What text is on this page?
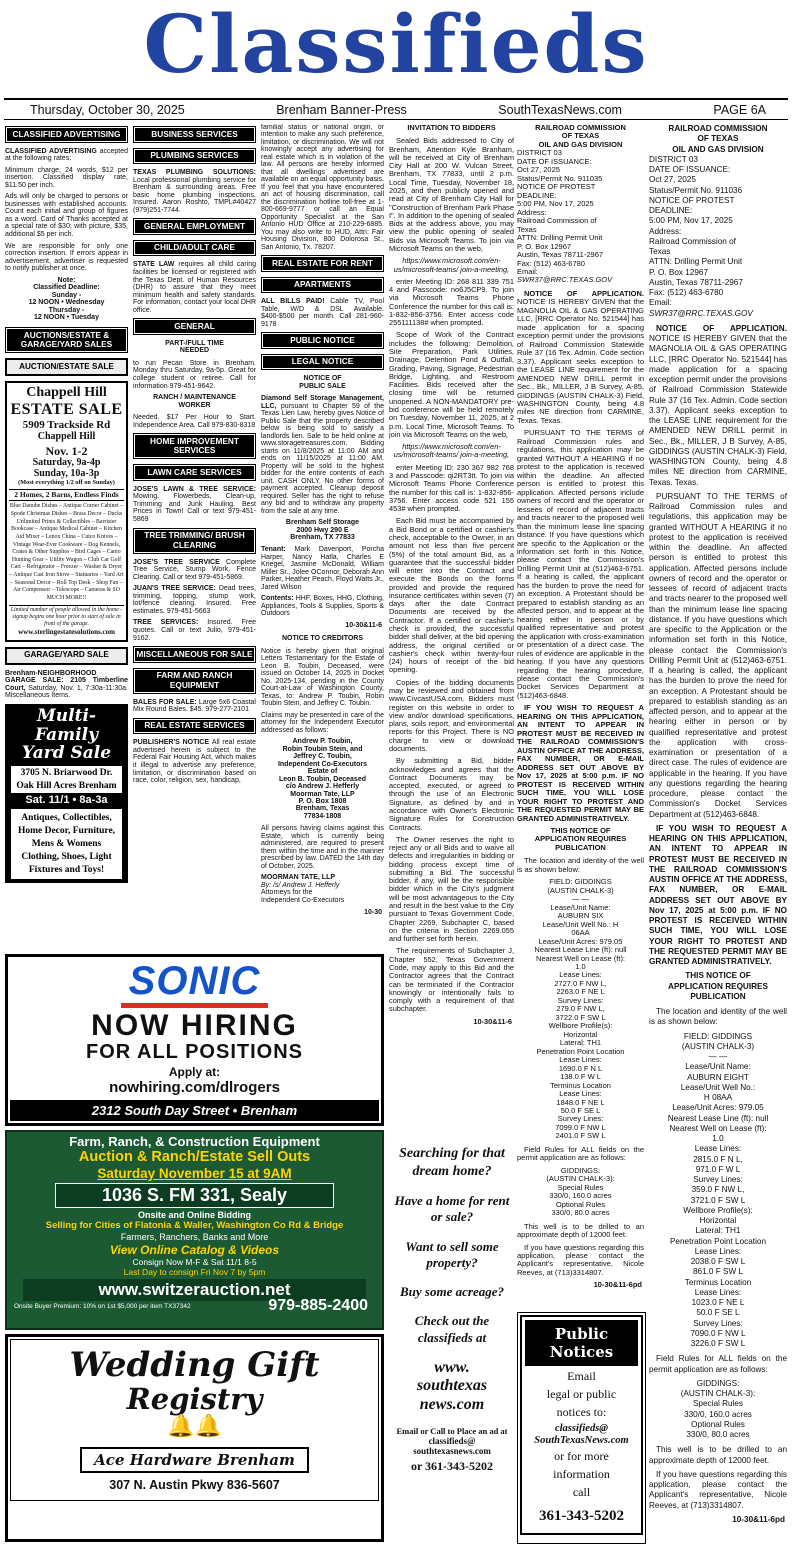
Classifieds
Thursday, October 30, 2025	Brenham Banner-Press	SouthTexasNews.com	PAGE 6A
CLASSIFIED ADVERTISING
CLASSIFIED ADVERTISING accepted at the following rates:
Minimum charge, 24 words, $12 per insertion. Classified display rate, $11.50 per inch.
Ads will only be charged to persons or businesses with established accounts. Count each initial and group of figures as a word. Card of Thanks accepted at a special rate of $30; with picture, $35, additional $5 per inch.
We are responsible for only one correction insertion. If errors appear in advertisement, advertiser is requested to notify publisher at once.
Note:
Classified Deadline:
Sunday -
12 NOON • Wednesday
Thursday -
12 NOON • Tuesday
AUCTIONS/ESTATE & GARAGE/YARD SALES
AUCTION/ESTATE SALE
Chappell Hill
ESTATE SALE
5909 Trackside Rd
Chappell Hill
Nov. 1-2
Saturday, 9a-4p
Sunday, 10a-3p
(Most everything 1/2 off on Sunday)
2 Homes, 2 Barns, Endless Finds
Blue Danube Dishes – Antique Corner Cabinet – Spode Christmas Dishes – Brass Decor – Ducks Unlimited Prints & Collectibles – Barrister Bookcase – Antique Medical Cabinet – Kitchen Aid Mixer – Lenox China – Cutco Knives – Vintage Wear-Ever Cookware – Dog Kennels, Crates & Other Supplies – Bird Cages – Camo Hunting Gear – Utility Wagon – Club Car Golf Cart – Refrigerator – Freezer – Washer & Dryer – Antique Cast Iron Stove – Statuaries – Yard Art – Seasonal Decor – Roll Top Desk – Shop Fan – Air Compressor – Telescope – Cameras & SO MUCH MORE!!
Limited number of people allowed in the home - signup begins one hour prior to start of sale in front of the garage.
www.sterlingestatesolutions.com
GARAGE/YARD SALE
Brenham-NEIGHBORHOOD GARAGE SALE: 2105 Timberline Court, Saturday, Nov. 1, 7:30a-11:30a. Miscellaneous Items.
Multi-Family
Yard Sale
3705 N. Briarwood Dr.
Oak Hill Acres Brenham
Sat. 11/1 • 8a-3a
Antiques, Collectibles, Home Decor, Furniture, Mens & Womens Clothing, Shoes, Light Fixtures and Toys!
BUSINESS SERVICES
PLUMBING SERVICES
TEXAS PLUMBING SOLUTIONS: Local professional plumbing service for Brenham & surrounding areas. Free basic home plumbing inspections. Insured. Aaron Roshto, TMPL#40427 (979)251-7744.
GENERAL EMPLOYMENT
CHILD/ADULT CARE
STATE LAW requires all child caring facilities be licensed or registered with the Texas Dept. of Human Resources (DHR) to assure that they meet minimum health and safety standards. For information, contact your local DHR office.
GENERAL
PART-/FULL TIME
NEEDED
to run Pecan Store in Brenham. Monday thru Saturday, 9a-5p. Great for college student or retiree. Call for information 979-451-9642.
RANCH / MAINTENANCE
WORKER
Needed. $17 Per Hour to Start. Independence Area. Call 979-830-8318
HOME IMPROVEMENT SERVICES
LAWN CARE SERVICES
JOSE'S LAWN & TREE SERVICE: Mowing, Flowerbeds, Clean-up, Trimming and Junk Hauling. Best Prices in Town! Call or text 979-451-5869
TREE TRIMMING/ BRUSH CLEARING
JOSE'S TREE SERVICE Complete Tree Service, Stump Work, Fence Clearing. Call or text 979-451-5869.
JUAN'S TREE SERVICE: Dead trees, trimming, topping, stump work, lot/fence clearing. Insured. Free estimates. 979-451-5663
TREE SERVICES: Insured. Free quotes. Call or text Julio, 979-451-9162.
MISCELLANEOUS FOR SALE
FARM AND RANCH EQUIPMENT
BALES FOR SALE: Large 5x6 Coastal Mix Round Bales. $45. 979-277-2101
REAL ESTATE SERVICES
PUBLISHER'S NOTICE All real estate advertised herein is subject to the Federal Fair Housing Act, which makes it illegal to advertise any preference, limitation, or discrimination based on race, color, religion, sex, handicap,
familial status or national origin, or intention to make any such preference, limitation, or discrimination. We will not knowingly accept any advertising for real estate which is in violation of the law. All persons are hereby informed that all dwellings advertised are available on an equal opportunity basis. If you feel that you have encountered an act of housing discrimination, call the discrimination hotline toll-free at 1-800-669-9777 or call an Equal Opportunity Specialist at the San Antonio HUD Office at 210-229-6885. You may also write to HUD, Attn: Fair Housing Division, 800 Dolorosa St., San Antonio, Tx. 78207.
REAL ESTATE FOR RENT
APARTMENTS
ALL BILLS PAID! Cable TV, Pool Table, W/D & DSL Available. $400-$500 per month. Call 281-960-9178
PUBLIC NOTICE
LEGAL NOTICE
NOTICE OF
PUBLIC SALE
Diamond Self Storage Management, LLC, pursuant to Chapter 59 of the Texas Lien Law, hereby gives Notice of Public Sale that the property described below is being sold to satisfy a landlords lien. Sale to be held online at www.storagetreasures.com. Bidding starts on 11/8/2025 at 11:00 AM and ends on 11/15/2025 at 11:00 AM. Property will be sold to the highest bidder for the entire contents of each unit. CASH ONLY. No other forms of payment accepted. Cleanup deposit required. Seller has the right to refuse any bid and to withdraw any property from the sale at any time.
Brenham Self Storage
2000 Hwy 290 E
Brenham, TX 77833
Tenant: Mark Davenport, Porcha Harper, Nancy Hatla, Charles E Kriegel, Jasmine McDonald, William Miller Sr., Jolee OConnor, Deborah Ann Parker, Heather Peach, Floyd Watts Jr., Jared Wilson
Contents: HHF, Boxes, HHG, Clothing, Appliances, Tools & Supplies, Sports & Outdoors
10-30&11-6
NOTICE TO CREDITORS
Notice is hereby given that original Letters Testamentary for the Estate of Leon B. Toubin, Deceased, were issued on October 14, 2025 in Docket No. 2025-134, pending in the County Court-at-Law of Washington County, Texas, to: Andrew P. Toubin, Robin Toubin Stein, and Jeffrey C. Toubin.
Claims may be presented in care of the attorney for the Independent Executor addressed as follows:
Andrew P. Toubin,
Robin Toubin Stein, and
Jeffrey C. Toubin,
Independent Co-Executors
Estate of
Leon B. Toubin, Deceased
c/o Andrew J. Hefferly
Moorman Tate, LLP
P. O. Box 1808
Brenham, Texas
77834-1808
All persons having claims against this Estate, which is currently being administered, are required to present them within the time and in the manner prescribed by law. DATED the 14th day of October, 2025.
MOORMAN TATE, LLP
By: /s/ Andrew J. Hefferly
Attorneys for the
Independent Co-Executors
10-30
INVITATION TO BIDDERS
Sealed Bids addressed to City of Brenham, Attention Kyle Branham, will be received at City of Brenham City Hall at 200 W. Vulcan Street, Brenham, TX 77833, until 2 p.m. Local Time, Tuesday, November 18, 2025, and then publicly opened and read at City of Brenham City Hall for "Construction of Brenham Park Phase I". In addition to the opening of sealed Bids at the address above, you may view the public opening of sealed Bids via Microsoft Teams. To join via Microsoft Teams on the web,
https://www.microsoft.com/en-us/microsoft-teams/ join-a-meeting,
enter Meeting ID: 268 811 339 751 4 and Passcode: no6J5CP9. To join via Microsoft Teams Phone Conference the number for this call is: 1-832-856-3756. Enter access code 255111138# when prompted.
Scope of Work of the Contract includes the following: Demolition, Site Preparation, Park Utilities, Drainage, Detention Pond & Outfall, Grading, Paving, Signage, Pedestrian Bridge, Lighting, and Restroom Facilities. Bids received after the closing time will be returned unopened. A NON-MANDATORY pre-bid conference will be held remotely on Tuesday, November 11, 2025, at 2 p.m. Local Time, Microsoft Teams. To join via Microsoft Teams on the web,
https://www.microsoft.com/en-us/microsoft-teams/ join-a-meeting,
enter Meeting ID: 230 367 982 768 3 and Passcode: qi2RT3tt. To join via Microsoft Teams Phone Conference the number for this call is: 1-832-856-3756. Enter access code 521 155 453# when prompted.
Each Bid must be accompanied by a Bid Bond or a certified or cashier's check, acceptable to the Owner, in an amount not less than five percent (5%) of the total amount Bid, as a guarantee that the successful bidder will enter into the Contract and execute the Bonds on the forms provided and provide the required insurance certificates within seven (7) days after the date Contract Documents are received by the Contractor. If a certified or cashier's check is provided, the successful bidder shall deliver, at the bid opening address, the original certified or cashier's check within twenty-four (24) hours of receipt of the bid opening.
Copies of the bidding documents may be reviewed and obtained from www.CivcastUSA.com. Bidders must register on this website in order to view and/or download specifications, plans, soils report, and environmental reports for this Project. There is NO charge to view or download documents.
By submitting a Bid, bidder acknowledges and agrees that the Contract Documents may be accepted, executed, or agreed to through the use of an Electronic Signature, as defined by and in accordance with Owner's Electronic Signature Rules for Construction Contracts.
The Owner reserves the right to reject any or all Bids and to waive all defects and irregularities in bidding or bidding process except time of submitting a Bid. The successful bidder, if any, will be the responsible bidder which in the City's judgment will be most advantageous to the City and result in the best value to the City pursuant to Texas Government Code, Chapter 2269, Subchapter C, based on the criteria in Section 2269.055 and further set forth herein.
The requirements of Subchapter J, Chapter 552, Texas Government Code, may apply to this Bid and the Contractor agrees that the Contract can be terminated if the Contractor knowingly or intentionally fails to comply with a requirement of that subchapter.
10-30&11-6
RAILROAD COMMISSION
OF TEXAS
OIL AND GAS DIVISION
DISTRICT 03
DATE OF ISSUANCE:
Oct 27, 2025
Status/Permit No. 911035
NOTICE OF PROTEST
DEADLINE:
5:00 PM, Nov 17, 2025
Address:
Railroad Commission of
Texas
ATTN: Drilling Permit Unit
P. O. Box 12967
Austin, Texas 78711-2967
Fax: (512) 463-6780
Email:
SWR37@RRC.TEXAS.GOV
NOTICE OF APPLICATION. NOTICE IS HEREBY GIVEN that the MAGNOLIA OIL & GAS OPERATING LLC, [RRC Operator No. 521544] has made application for a spacing exception permit under the provisions of Railroad Commission Statewide Rule 37 (16 Tex. Admin. Code section 3.37). Applicant seeks exception to the LEASE LINE requirement for the AMENDED NEW DRILL permit in Sec., Bk., MILLER, J B Survey, A-85, GIDDINGS (AUSTIN CHALK-3) Field, WASHINGTON County, being 4.8 miles NE direction from CARMINE, Texas. Texas.
PURSUANT TO THE TERMS of Railroad Commission rules and regulations, this application may be granted WITHOUT A HEARING if no protest to the application is received within the deadline. An affected person is entitled to protest this application. Affected persons include owners of record and the operator or lessees of record of adjacent tracts and tracts nearer to the proposed well than the minimum lease line spacing distance. If you have questions which are specific to the Application or the information set forth in this Notice, please contact the Commission's Drilling Permit Unit at (512)463-6751. If a hearing is called, the applicant has the burden to prove the need for an exception. A Protestant should be prepared to establish standing as an affected person, and to appear at the hearing either in person or by qualified representative and protest the application with cross-examination or presentation of a direct case. The rules of evidence are applicable in the hearing. If you have any questions regarding the hearing procedure, please contact the Commission's Docket Services Department at (512)463-6848.
IF YOU WISH TO REQUEST A HEARING ON THIS APPLICATION, AN INTENT TO APPEAR IN PROTEST MUST BE RECEIVED IN THE RAILROAD COMMISSION'S AUSTIN OFFICE AT THE ADDRESS, FAX NUMBER, OR E-MAIL ADDRESS SET OUT ABOVE BY Nov 17, 2025 at 5:00 p.m. IF NO PROTEST IS RECEIVED WITHIN SUCH TIME, YOU WILL LOSE YOUR RIGHT TO PROTEST AND THE REQUESTED PERMIT MAY BE GRANTED ADMINISTRATIVELY.
THIS NOTICE OF
APPLICATION REQUIRES
PUBLICATION
The location and identity of the well is as shown below:
FIELD: GIDDINGS
(AUSTIN CHALK-3)
— —
Lease/Unit Name:
AUBURN SIX
Lease/Unit Well No.: H
06AA
Lease/Unit Acres: 979.05
Nearest Lease Line (ft): null
Nearest Well on Lease (ft):
1.0
Lease Lines:
2727.0 F NW L,
2263.0 F NE L
Survey Lines:
279.0 F NW L,
3722.0 F SW L
Wellbore Profile(s):
Horizontal
Lateral: TH1
Penetration Point Location
Lease Lines:
1690.0 F N L
138.0 F W L
Terminus Location
Lease Lines:
1848.0 F NE L
50.0 F SE L
Survey Lines:
7099.0 F NW L
2401.0 F SW L
Field Rules for ALL fields on the permit application are as follows:
GIDDINGS:
(AUSTIN CHALK-3):
Special Rules
330/0, 160.0 acres
Optional Rules
330/0, 80.0 acres
This well is to be drilled to an approximate depth of 12000 feet.
If you have questions regarding this application, please contact the Applicant's representative, Nicole Reeves, at (713)3314807.
10-30&11-6pd
RAILROAD COMMISSION
OF TEXAS
OIL AND GAS DIVISION
DISTRICT 03
DATE OF ISSUANCE:
Oct 27, 2025
Status/Permit No. 911036
NOTICE OF PROTEST
DEADLINE:
5:00 PM, Nov 17, 2025
Address:
Railroad Commission of
Texas
ATTN: Drilling Permit Unit
P. O. Box 12967
Austin, Texas 78711-2967
Fax: (512) 463-6780
Email:
SWR37@RRC.TEXAS.GOV
NOTICE OF APPLICATION. NOTICE IS HEREBY GIVEN that the MAGNOLIA OIL & GAS OPERATING LLC, [RRC Operator No. 521544] has made application for a spacing exception permit under the provisions of Railroad Commission Statewide Rule 37 (16 Tex. Admin. Code section 3.37). Applicant seeks exception to the LEASE LINE requirement for the AMENDED NEW DRILL permit in Sec., Bk., MILLER, J B Survey, A-85, GIDDINGS (AUSTIN CHALK-3) Field, WASHINGTON County, being 4.8 miles NE direction from CARMINE, Texas. Texas.
PURSUANT TO THE TERMS of Railroad Commission rules and regulations, this application may be granted WITHOUT A HEARING if no protest to the application is received within the deadline. An affected person is entitled to protest this application. Affected persons include owners of record and the operator or lessees of record of adjacent tracts and tracts nearer to the proposed well than the minimum lease line spacing distance. If you have questions which are specific to the Application or the information set forth in this Notice, please contact the Commission's Drilling Permit Unit at (512)463-6751. If a hearing is called, the applicant has the burden to prove the need for an exception. A Protestant should be prepared to establish standing as an affected person, and to appear at the hearing either in person or by qualified representative and protest the application with cross-examination or presentation of a direct case. The rules of evidence are applicable in the hearing. If you have any questions regarding the hearing procedure, please contact the Commission's Docket Services Department at (512)463-6848.
IF YOU WISH TO REQUEST A HEARING ON THIS APPLICATION, AN INTENT TO APPEAR IN PROTEST MUST BE RECEIVED IN THE RAILROAD COMMISSION'S AUSTIN OFFICE AT THE ADDRESS, FAX NUMBER, OR E-MAIL ADDRESS SET OUT ABOVE BY Nov 17, 2025 at 5:00 p.m. IF NO PROTEST IS RECEIVED WITHIN SUCH TIME, YOU WILL LOSE YOUR RIGHT TO PROTEST AND THE REQUESTED PERMIT MAY BE GRANTED ADMINISTRATIVELY.
THIS NOTICE OF
APPLICATION REQUIRES
PUBLICATION
The location and identity of the well is as shown below:
FIELD: GIDDINGS
(AUSTIN CHALK-3)
— —
Lease/Unit Name:
AUBURN EIGHT
Lease/Unit Well No.:
H 08AA
Lease/Unit Acres: 979.05
Nearest Lease Line (ft): null
Nearest Well on Lease (ft):
1.0
Lease Lines:
2815.0 F N L,
971.0 F W L
Survey Lines:
359.0 F NW L,
3721.0 F SW L
Wellbore Profile(s):
Horizontal
Lateral: TH1
Penetration Point Location
Lease Lines:
2038.0 F SW L
861.0 F SW L
Terminus Location
Lease Lines:
1023.0 F NE L
50.0 F SE L
Survey Lines:
7090.0 F NW L
3226.0 F SW L
Field Rules for ALL fields on the permit application are as follows:
GIDDINGS:
(AUSTIN CHALK-3):
Special Rules
330/0, 160.0 acres
Optional Rules
330/0, 80.0 acres
This well is to be drilled to an approximate depth of 12000 feet.
If you have questions regarding this application, please contact the Applicant's representative, Nicole Reeves, at (713)3314807.
10-30&11-6pd
SONIC
NOW HIRING
FOR ALL POSITIONS
Apply at:
nowhiring.com/dlrogers
2312 South Day Street • Brenham
Farm, Ranch, & Construction Equipment
Auction & Ranch/Estate Sell Outs
Saturday November 15 at 9AM
1036 S. FM 331, Sealy
Onsite and Online Bidding
Selling for Cities of Flatonia & Waller, Washington Co Rd & Bridge
Farmers, Ranchers, Banks and More
View Online Catalog & Videos
Consign Now M-F & Sat 11/1 8-5
Last Day to consign Fri Nov 7 by 5pm
www.switzerauction.net
Onsite Buyer Premium: 10% on 1st $5,000 per item TX37342	979-885-2400
Wedding Gift
Registry
🔔🔔
Ace Hardware Brenham
307 N. Austin Pkwy 836-5607
Searching for that dream home?
Have a home for rent or sale?
Want to sell some property?
Buy some acreage?
Check out the classifieds at
www.
southtexas
news.com
Email or Call to Place an ad at
classifieds@
southtexasnews.com
or 361-343-5202
Public Notices
Email
legal or public
notices to:
classifieds@
SouthTexasNews.com
or for more
information
call
361-343-5202
